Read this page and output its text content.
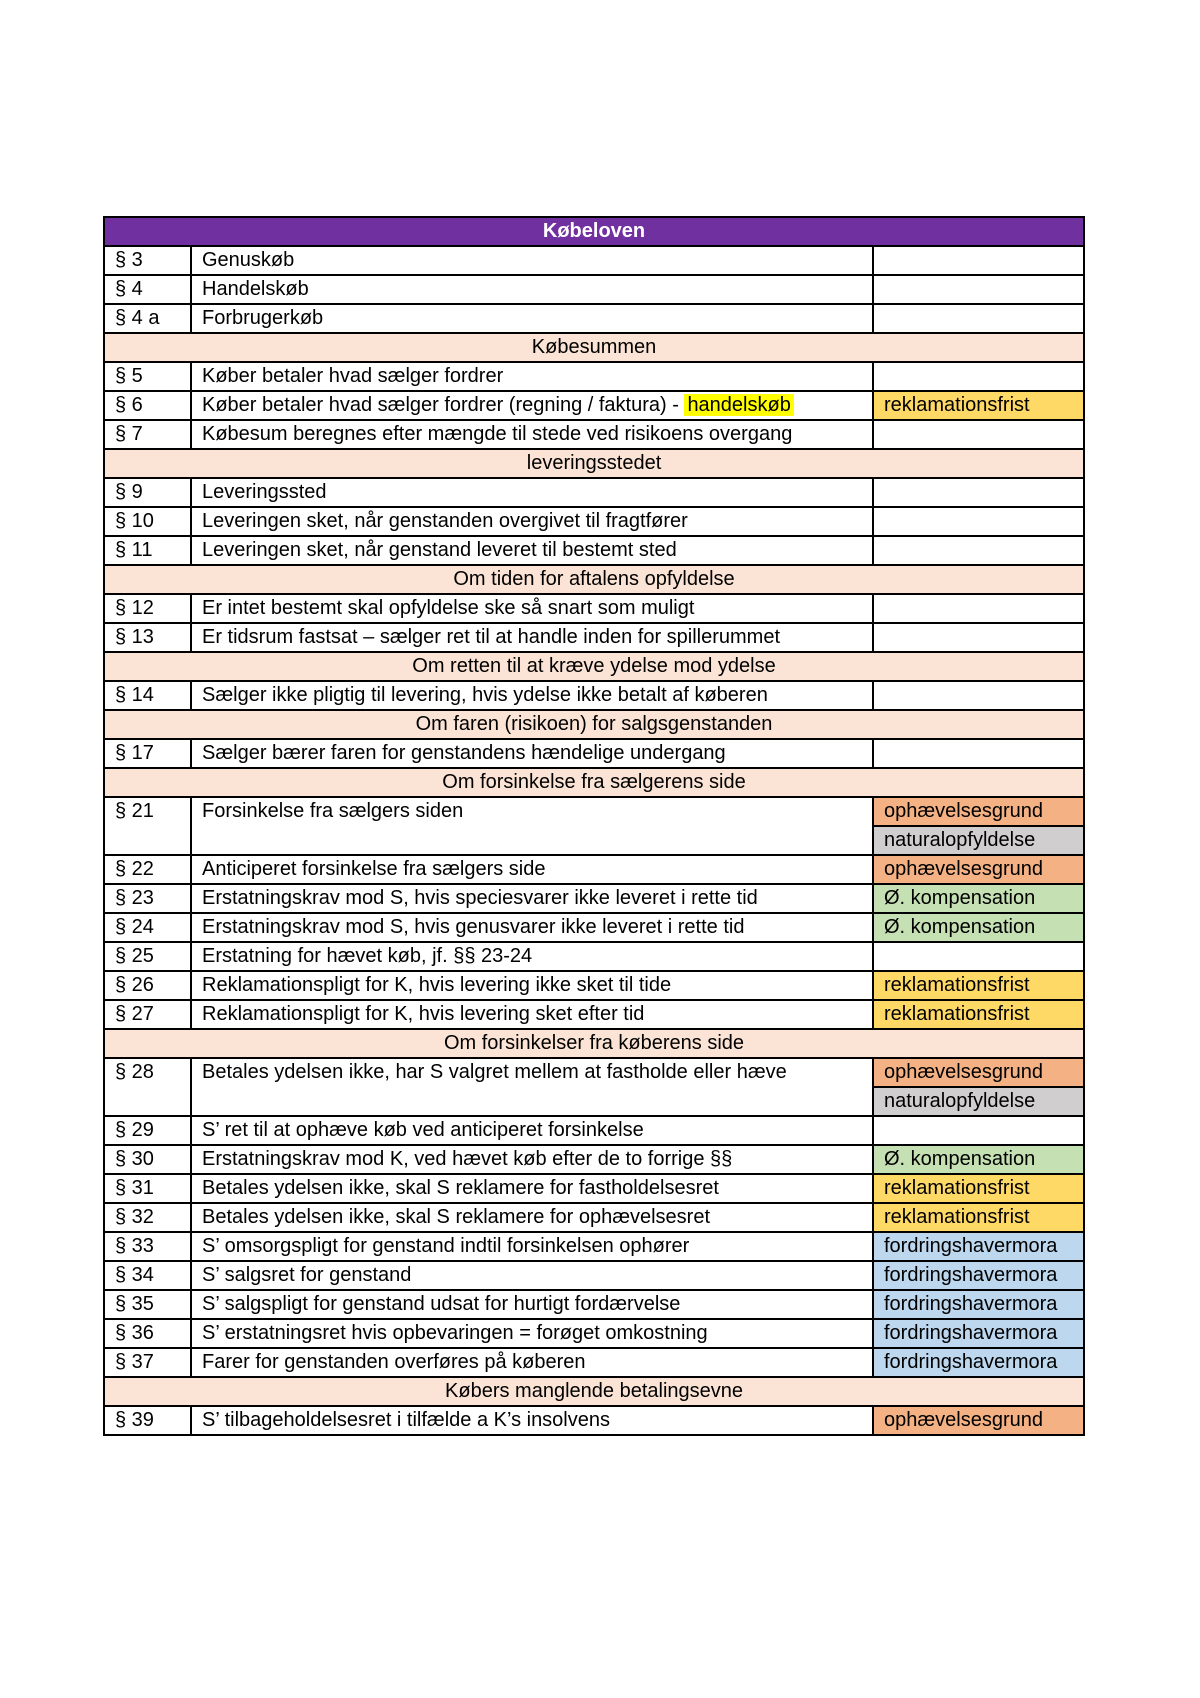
Købeloven		
§ 3	Genuskøb	
§ 4	Handelskøb	
§ 4 a	Forbrugerkøb	
Købesummen		
§ 5	Køber betaler hvad sælger fordrer	
§ 6	Køber betaler hvad sælger fordrer (regning / faktura) - handelskøb	reklamationsfrist
§ 7	Købesum beregnes efter mængde til stede ved risikoens overgang	
leveringsstedet		
§ 9	Leveringssted	
§ 10	Leveringen sket, når genstanden overgivet til fragtfører	
§ 11	Leveringen sket, når genstand leveret til bestemt sted	
Om tiden for aftalens opfyldelse		
§ 12	Er intet bestemt skal opfyldelse ske så snart som muligt	
§ 13	Er tidsrum fastsat – sælger ret til at handle inden for spillerummet	
Om retten til at kræve ydelse mod ydelse		
§ 14	Sælger ikke pligtig til levering, hvis ydelse ikke betalt af køberen	
Om faren (risikoen) for salgsgenstanden		
§ 17	Sælger bærer faren for genstandens hændelige undergang	
Om forsinkelse fra sælgerens side		
§ 21	Forsinkelse fra sælgers siden	ophævelsesgrund
		naturalopfyldelse
§ 22	Anticiperet forsinkelse fra sælgers side	ophævelsesgrund
§ 23	Erstatningskrav mod S, hvis speciesvarer ikke leveret i rette tid	Ø. kompensation
§ 24	Erstatningskrav mod S, hvis genusvarer ikke leveret i rette tid	Ø. kompensation
§ 25	Erstatning for hævet køb, jf. §§ 23-24	
§ 26	Reklamationspligt for K, hvis levering ikke sket til tide	reklamationsfrist
§ 27	Reklamationspligt for K, hvis levering sket efter tid	reklamationsfrist
Om forsinkelser fra køberens side		
§ 28	Betales ydelsen ikke, har S valgret mellem at fastholde eller hæve	ophævelsesgrund
		naturalopfyldelse
§ 29	S’ ret til at ophæve køb ved anticiperet forsinkelse	
§ 30	Erstatningskrav mod K, ved hævet køb efter de to forrige §§	Ø. kompensation
§ 31	Betales ydelsen ikke, skal S reklamere for fastholdelsesret	reklamationsfrist
§ 32	Betales ydelsen ikke, skal S reklamere for ophævelsesret	reklamationsfrist
§ 33	S’ omsorgspligt for genstand indtil forsinkelsen ophører	fordringshavermora
§ 34	S’ salgsret for genstand	fordringshavermora
§ 35	S’ salgspligt for genstand udsat for hurtigt fordærvelse	fordringshavermora
§ 36	S’ erstatningsret hvis opbevaringen = forøget omkostning	fordringshavermora
§ 37	Farer for genstanden overføres på køberen	fordringshavermora
Købers manglende betalingsevne		
§ 39	S’ tilbageholdelsesret i tilfælde a K’s insolvens	ophævelsesgrund
